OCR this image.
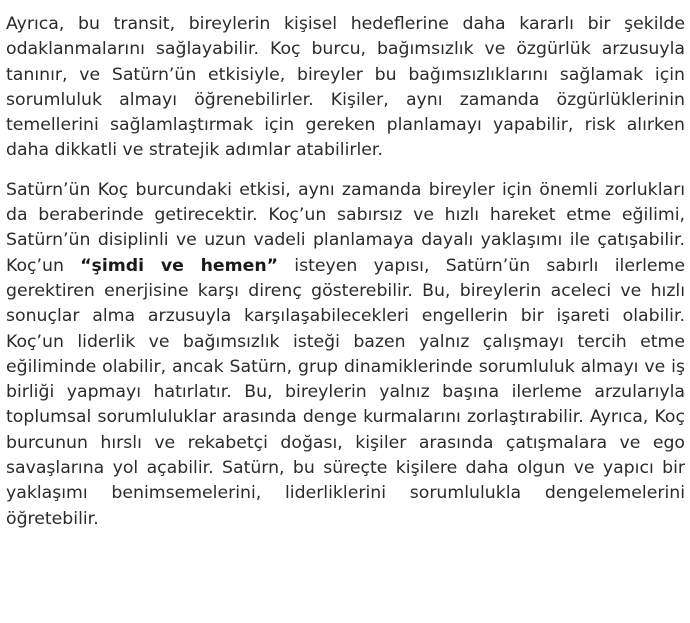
Ayrıca, bu transit, bireylerin kişisel hedeflerine daha kararlı bir şekilde odaklanmalarını sağlayabilir. Koç burcu, bağımsızlık ve özgürlük arzusuyla tanınır, ve Satürn’ün etkisiyle, bireyler bu bağımsızlıklarını sağlamak için sorumluluk almayı öğrenebilirler. Kişiler, aynı zamanda özgürlüklerinin temellerini sağlamlaştırmak için gereken planlamayı yapabilir, risk alırken daha dikkatli ve stratejik adımlar atabilirler.

Satürn’ün Koç burcundaki etkisi, aynı zamanda bireyler için önemli zorlukları da beraberinde getirecektir. Koç’un sabırsız ve hızlı hareket etme eğilimi, Satürn’ün disiplinli ve uzun vadeli planlamaya dayalı yaklaşımı ile çatışabilir. Koç’un “şimdi ve hemen” isteyen yapısı, Satürn’ün sabırlı ilerleme gerektiren enerjisine karşı direnç gösterebilir. Bu, bireylerin aceleci ve hızlı sonuçlar alma arzusuyla karşılaşabilecekleri engellerin bir işareti olabilir. Koç’un liderlik ve bağımsızlık isteği bazen yalnız çalışmayı tercih etme eğiliminde olabilir, ancak Satürn, grup dinamiklerinde sorumluluk almayı ve iş birliği yapmayı hatırlatır. Bu, bireylerin yalnız başına ilerleme arzularıyla toplumsal sorumluluklar arasında denge kurmalarını zorlaştırabilir. Ayrıca, Koç burcunun hırslı ve rekabetçi doğası, kişiler arasında çatışmalara ve ego savaşlarına yol açabilir. Satürn, bu süreçte kişilere daha olgun ve yapıcı bir yaklaşımı benimsemelerini, liderliklerini sorumlulukla dengelemelerini öğretebilir.
